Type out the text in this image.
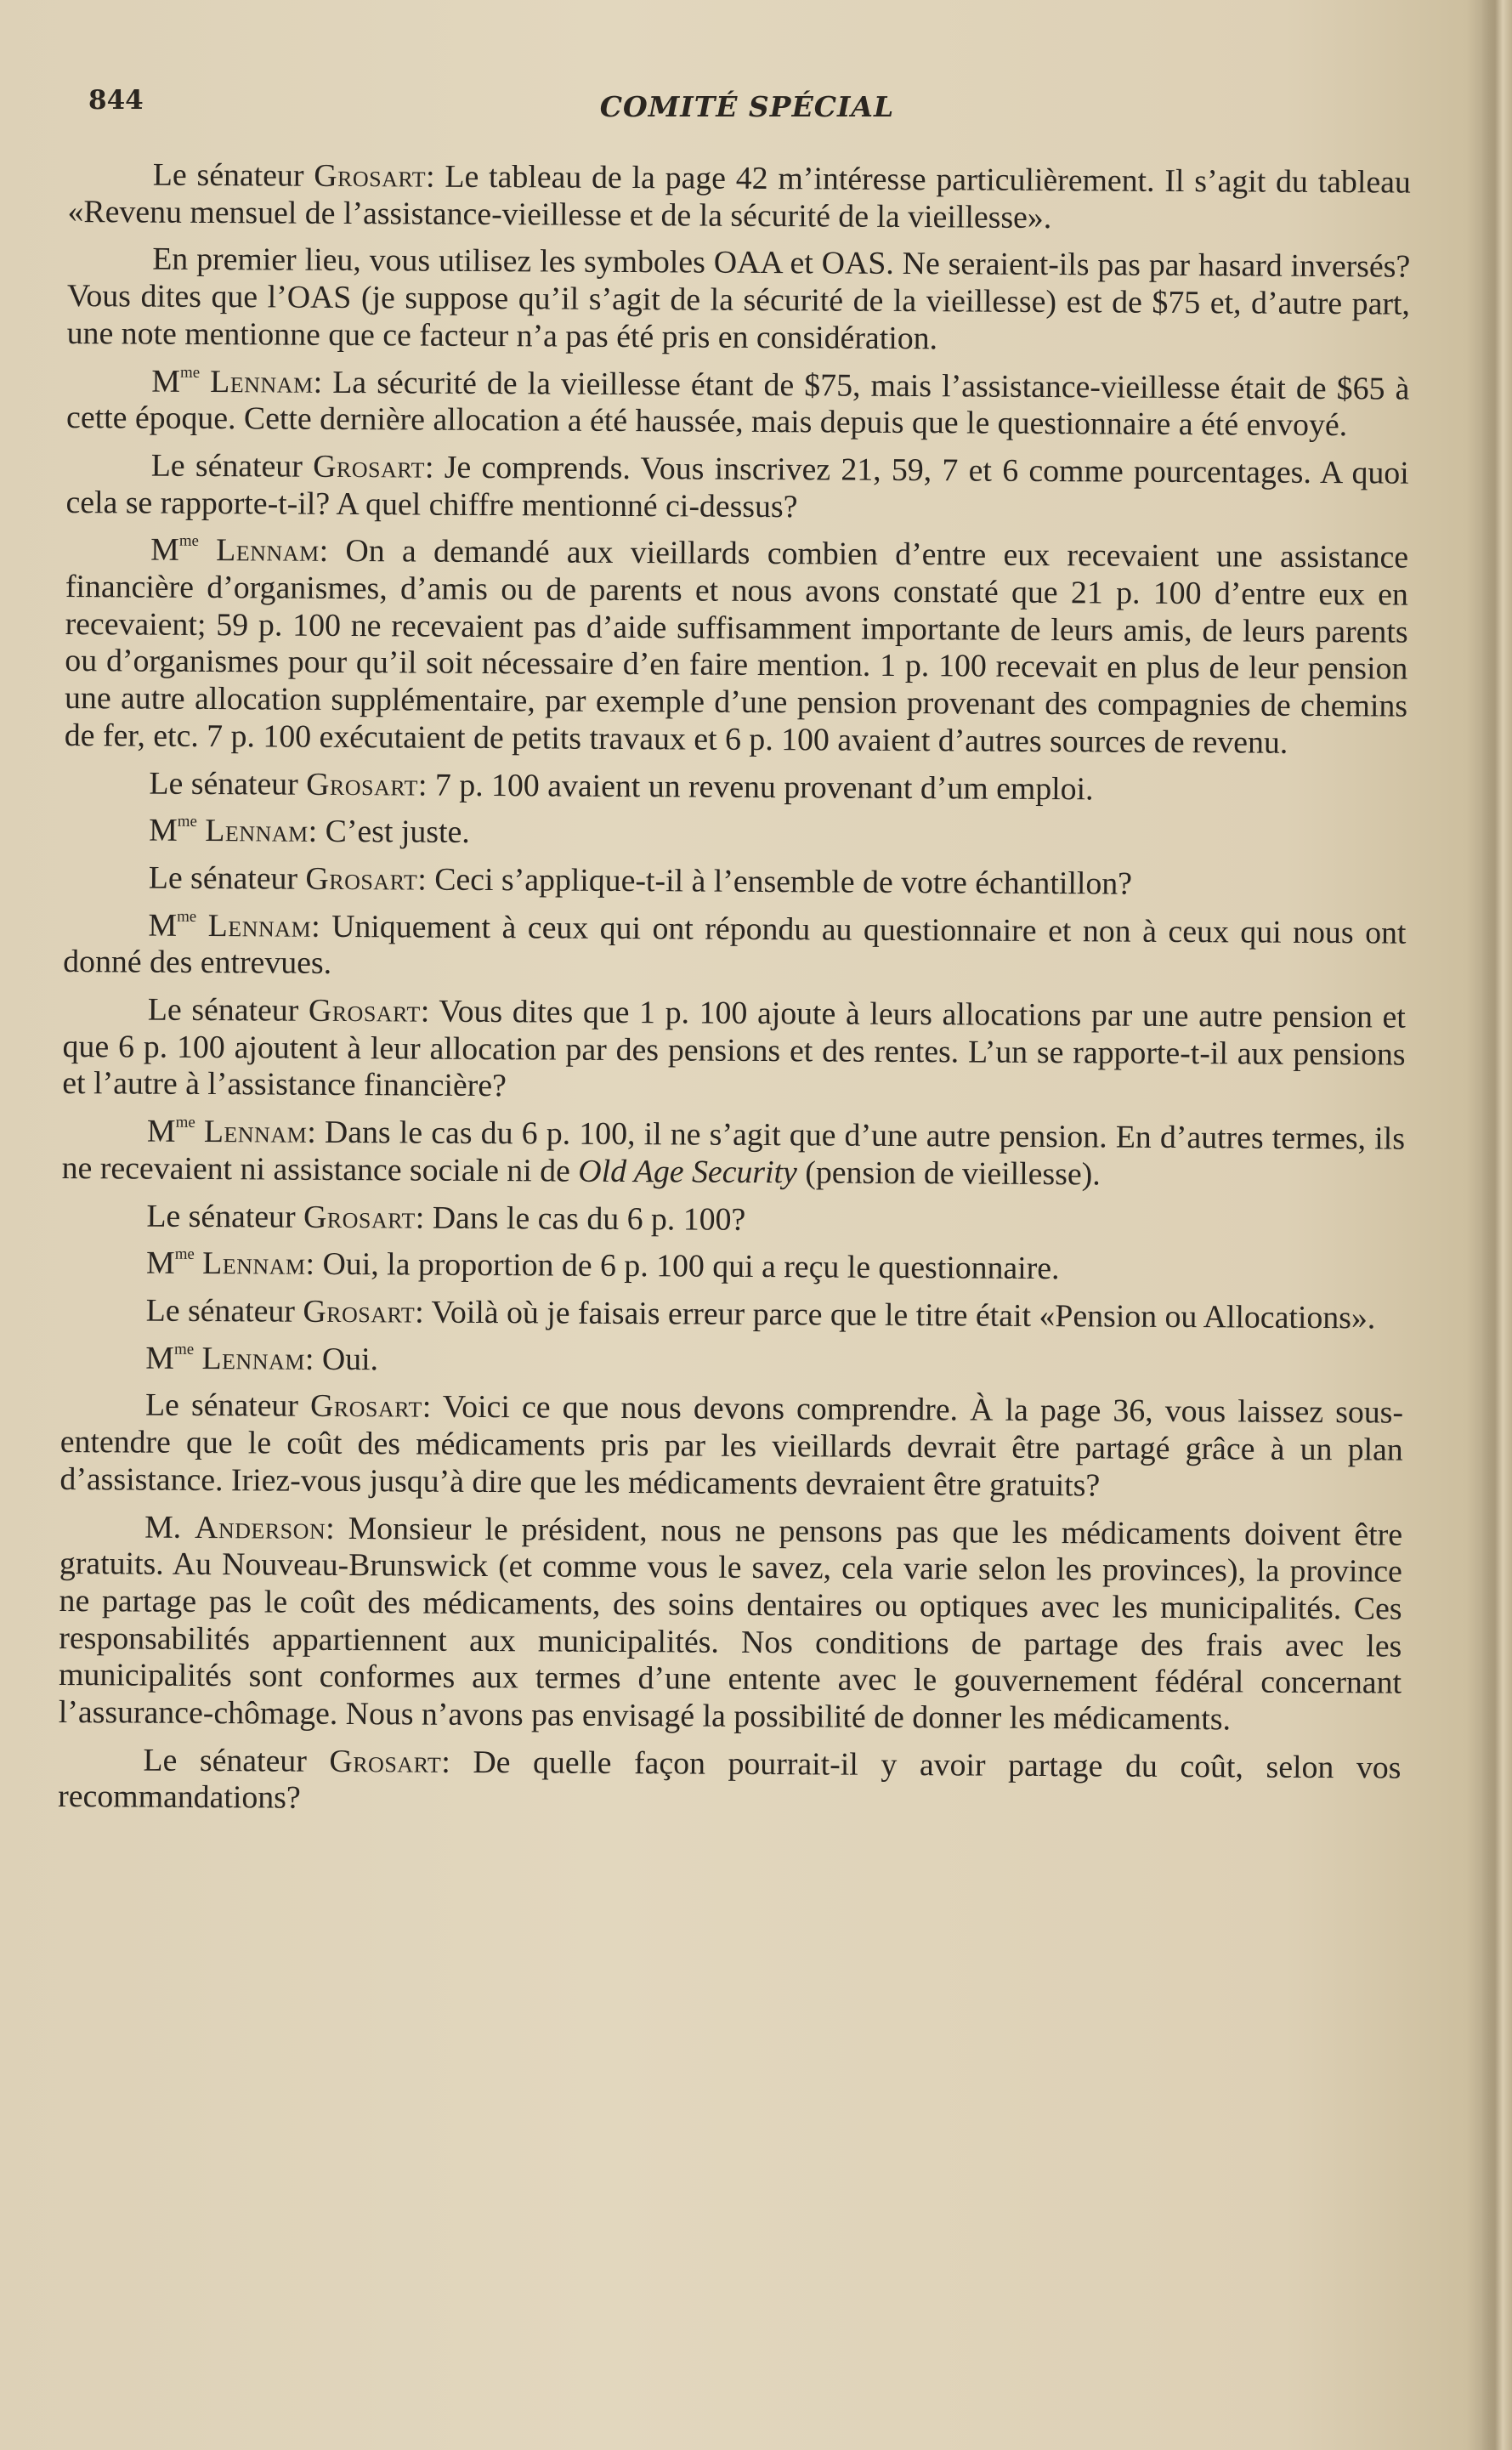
844	COMITÉ SPÉCIAL

Le sénateur Grosart: Le tableau de la page 42 m’intéresse particulièrement. Il s’agit du tableau «Revenu mensuel de l’assistance-vieillesse et de la sécurité de la vieillesse».

En premier lieu, vous utilisez les symboles OAA et OAS. Ne seraient-ils pas par hasard inversés? Vous dites que l’OAS (je suppose qu’il s’agit de la sécurité de la vieillesse) est de $75 et, d’autre part, une note mentionne que ce facteur n’a pas été pris en considération.

$M^{me}$ Lennam: La sécurité de la vieillesse étant de $75, mais l’assistance-vieillesse était de $65 à cette époque. Cette dernière allocation a été haussée, mais depuis que le questionnaire a été envoyé.

Le sénateur Grosart: Je comprends. Vous inscrivez 21, 59, 7 et 6 comme pourcentages. A quoi cela se rapporte-t-il? A quel chiffre mentionné ci-dessus?

$M^{me}$ Lennam: On a demandé aux vieillards combien d’entre eux recevaient une assistance financière d’organismes, d’amis ou de parents et nous avons constaté que 21 p. 100 d’entre eux en recevaient; 59 p. 100 ne recevaient pas d’aide suffisamment importante de leurs amis, de leurs parents ou d’organismes pour qu’il soit nécessaire d’en faire mention. 1 p. 100 recevait en plus de leur pension une autre allocation supplémentaire, par exemple d’une pension provenant des compagnies de chemins de fer, etc. 7 p. 100 exécutaient de petits travaux et 6 p. 100 avaient d’autres sources de revenu.

Le sénateur Grosart: 7 p. 100 avaient un revenu provenant d’um emploi.

$M^{me}$ Lennam: C’est juste.

Le sénateur Grosart: Ceci s’applique-t-il à l’ensemble de votre échantillon?

$M^{me}$ Lennam: Uniquement à ceux qui ont répondu au questionnaire et non à ceux qui nous ont donné des entrevues.

Le sénateur Grosart: Vous dites que 1 p. 100 ajoute à leurs allocations par une autre pension et que 6 p. 100 ajoutent à leur allocation par des pensions et des rentes. L’un se rapporte-t-il aux pensions et l’autre à l’assistance financière?

$M^{me}$ Lennam: Dans le cas du 6 p. 100, il ne s’agit que d’une autre pension. En d’autres termes, ils ne recevaient ni assistance sociale ni de Old Age Security (pension de vieillesse).

Le sénateur Grosart: Dans le cas du 6 p. 100?

$M^{me}$ Lennam: Oui, la proportion de 6 p. 100 qui a reçu le questionnaire.

Le sénateur Grosart: Voilà où je faisais erreur parce que le titre était «Pension ou Allocations».

$M^{me}$ Lennam: Oui.

Le sénateur Grosart: Voici ce que nous devons comprendre. À la page 36, vous laissez sous-entendre que le coût des médicaments pris par les vieillards devrait être partagé grâce à un plan d’assistance. Iriez-vous jusqu’à dire que les médicaments devraient être gratuits?

M. Anderson: Monsieur le président, nous ne pensons pas que les médicaments doivent être gratuits. Au Nouveau-Brunswick (et comme vous le savez, cela varie selon les provinces), la province ne partage pas le coût des médicaments, des soins dentaires ou optiques avec les municipalités. Ces responsabilités appartiennent aux municipalités. Nos conditions de partage des frais avec les municipalités sont conformes aux termes d’une entente avec le gouvernement fédéral concernant l’assurance-chômage. Nous n’avons pas envisagé la possibilité de donner les médicaments.

Le sénateur Grosart: De quelle façon pourrait-il y avoir partage du coût, selon vos recommandations?
